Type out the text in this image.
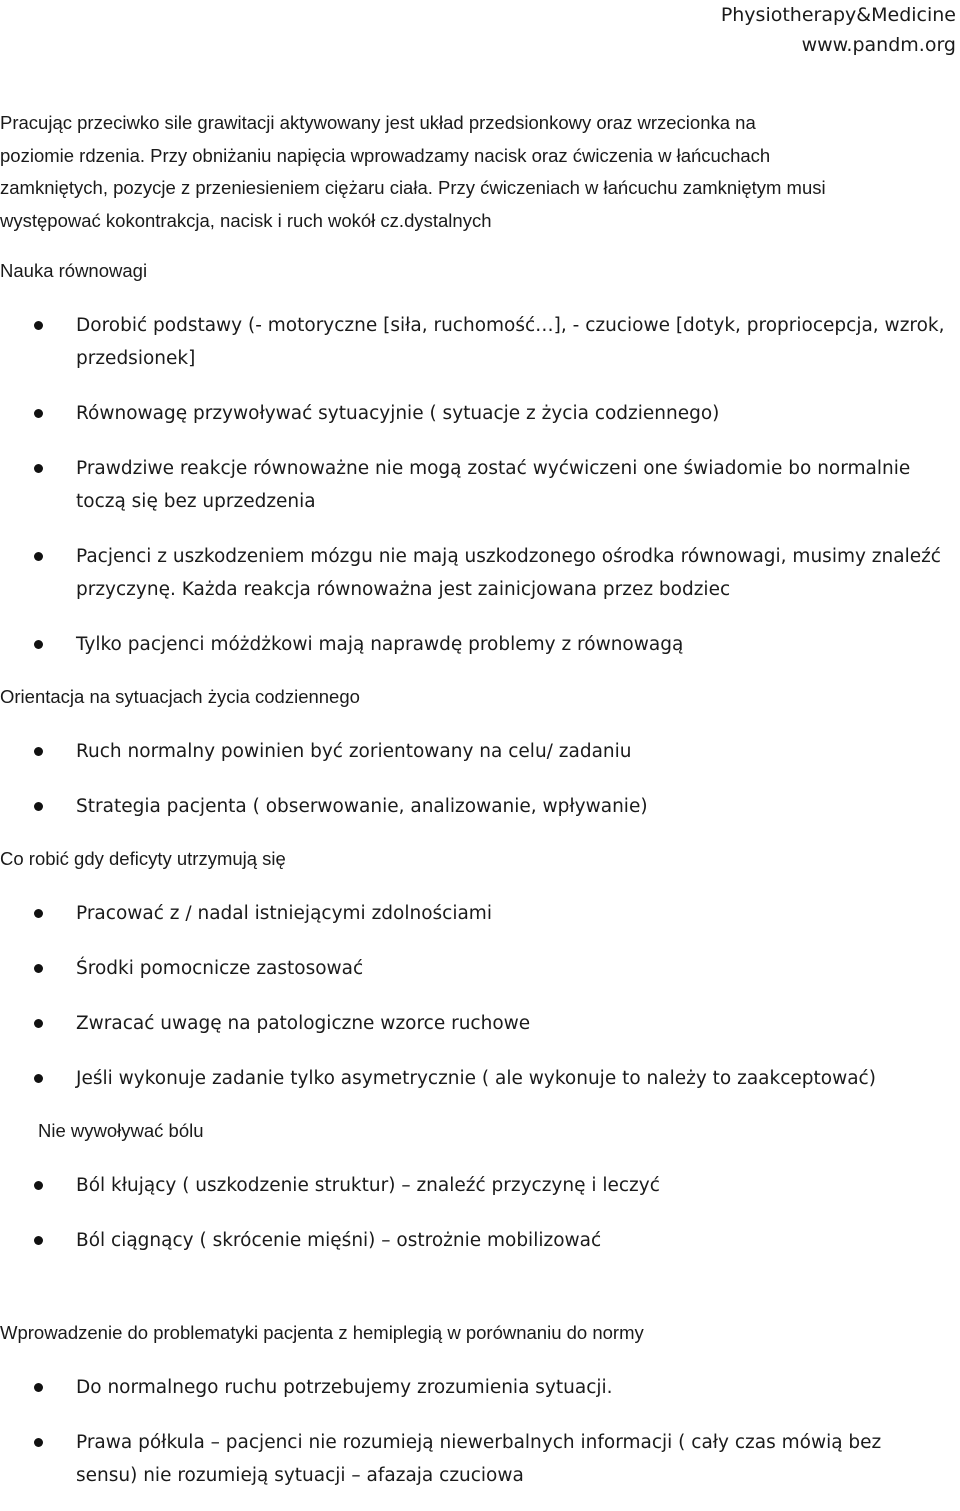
Physiotherapy&Medicine
www.pandm.org
Pracując przeciwko sile grawitacji aktywowany jest układ przedsionkowy oraz wrzecionka na
poziomie rdzenia. Przy obniżaniu napięcia wprowadzamy nacisk oraz ćwiczenia w łańcuchach
zamkniętych, pozycje z przeniesieniem ciężaru ciała. Przy ćwiczeniach w łańcuchu zamkniętym musi
występować kokontrakcja, nacisk i ruch wokół cz.dystalnych
Nauka równowagi
Dorobić podstawy (- motoryczne [siła, ruchomość…], - czuciowe [dotyk, propriocepcja, wzrok,
przedsionek]
Równowagę przywoływać sytuacyjnie ( sytuacje z życia codziennego)
Prawdziwe reakcje równoważne nie mogą zostać wyćwiczeni one świadomie bo normalnie
toczą się bez uprzedzenia
Pacjenci z uszkodzeniem mózgu nie mają uszkodzonego ośrodka równowagi, musimy znaleźć
przyczynę. Każda reakcja równoważna jest zainicjowana przez bodziec
Tylko pacjenci móżdżkowi mają naprawdę problemy z równowagą
Orientacja na sytuacjach życia codziennego
Ruch normalny powinien być zorientowany na celu/ zadaniu
Strategia pacjenta ( obserwowanie, analizowanie, wpływanie)
Co robić gdy deficyty utrzymują się
Pracować z / nadal istniejącymi zdolnościami
Środki pomocnicze zastosować
Zwracać uwagę na patologiczne wzorce ruchowe
Jeśli wykonuje zadanie tylko asymetrycznie ( ale wykonuje to należy to zaakceptować)
Nie wywoływać bólu
Ból kłujący ( uszkodzenie struktur) – znaleźć przyczynę i leczyć
Ból ciągnący ( skrócenie mięśni) – ostrożnie mobilizować
Wprowadzenie do problematyki pacjenta z hemiplegią w porównaniu do normy
Do normalnego ruchu potrzebujemy zrozumienia sytuacji.
Prawa półkula – pacjenci nie rozumieją niewerbalnych informacji ( cały czas mówią bez
sensu) nie rozumieją sytuacji – afazaja czuciowa
